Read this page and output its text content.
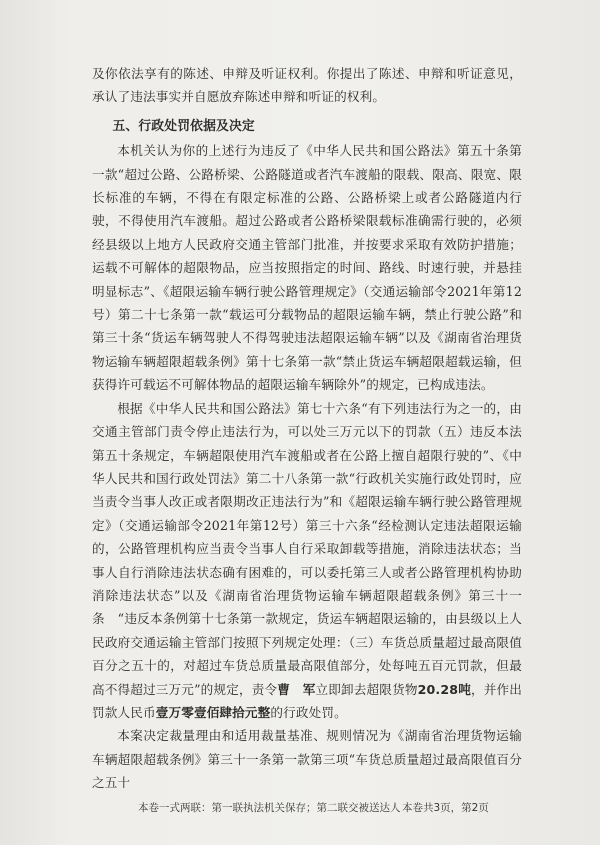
及你依法享有的陈述、申辩及听证权利。你提出了陈述、申辩和听证意见，承认了违法事实并自愿放弃陈述申辩和听证的权利。

五、行政处罚依据及决定

本机关认为你的上述行为违反了《中华人民共和国公路法》第五十条第一款“超过公路、公路桥梁、公路隧道或者汽车渡船的限载、限高、限宽、限长标准的车辆，不得在有限定标准的公路、公路桥梁上或者公路隧道内行驶，不得使用汽车渡船。超过公路或者公路桥梁限载标准确需行驶的，必须经县级以上地方人民政府交通主管部门批准，并按要求采取有效防护措施；运载不可解体的超限物品，应当按照指定的时间、路线、时速行驶，并悬挂明显标志”、《超限运输车辆行驶公路管理规定》（交通运输部令2021年第12号）第二十七条第一款“载运可分载物品的超限运输车辆，禁止行驶公路”和第三十条“货运车辆驾驶人不得驾驶违法超限运输车辆”以及《湖南省治理货物运输车辆超限超载条例》第十七条第一款“禁止货运车辆超限超载运输，但获得许可载运不可解体物品的超限运输车辆除外”的规定，已构成违法。

根据《中华人民共和国公路法》第七十六条“有下列违法行为之一的，由交通主管部门责令停止违法行为，可以处三万元以下的罚款（五）违反本法第五十条规定，车辆超限使用汽车渡船或者在公路上擅自超限行驶的”、《中华人民共和国行政处罚法》第二十八条第一款“行政机关实施行政处罚时，应当责令当事人改正或者限期改正违法行为”和《超限运输车辆行驶公路管理规定》（交通运输部令2021年第12号）第三十六条“经检测认定违法超限运输的，公路管理机构应当责令当事人自行采取卸载等措施，消除违法状态；当事人自行消除违法状态确有困难的，可以委托第三人或者公路管理机构协助消除违法状态”以及《湖南省治理货物运输车辆超限超载条例》第三十一条　“违反本条例第十七条第一款规定，货运车辆超限运输的，由县级以上人民政府交通运输主管部门按照下列规定处理：（三）车货总质量超过最高限值百分之五十的，对超过车货总质量最高限值部分，处每吨五百元罚款，但最高不得超过三万元”的规定，责令曹　军立即卸去超限货物20.28吨，并作出罚款人民币壹万零壹佰肆拾元整的行政处罚。

本案决定裁量理由和适用裁量基准、规则情况为《湖南省治理货物运输车辆超限超载条例》第三十一条第一款第三项“车货总质量超过最高限值百分之五十

本卷一式两联：第一联执法机关保存；第二联交被送达人 本卷共3页，第2页
